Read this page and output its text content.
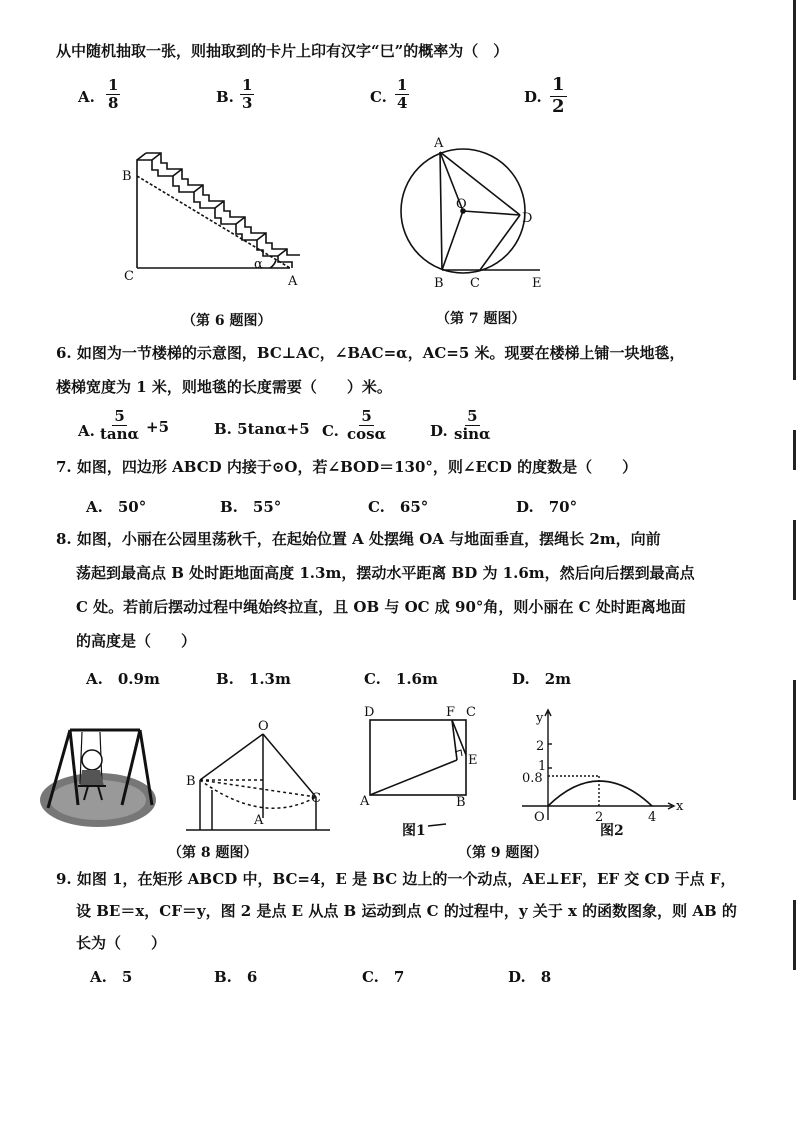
从中随机抽取一张，则抽取到的卡片上印有汉字“巳”的概率为（　）
A. $\frac{1}{8}$	B. $\frac{1}{3}$	C. $\frac{1}{4}$	D. $\frac{1}{2}$
B
C	A
α
A
O
D
B C	E
（第 6 题图）	（第 7 题图）
6. 如图为一节楼梯的示意图，BC⊥AC，∠BAC=α，AC=5 米。现要在楼梯上铺一块地毯，
楼梯宽度为 1 米，则地毯的长度需要（　　）米。
A. $\frac{5}{\tan\alpha} +5$	B. 5tanα+5 C. $\frac{5}{\cos\alpha}$	D. $\frac{5}{\sin\alpha}$
7. 如图，四边形 ABCD 内接于⊙O，若∠BOD＝130°，则∠ECD 的度数是（　　）
A.　50°	B.　55°	C.　65°	D.　70°
8. 如图，小丽在公园里荡秋千，在起始位置 A 处摆绳 OA 与地面垂直，摆绳长 2m，向前
荡起到最高点 B 处时距地面高度 1.3m，摆动水平距离 BD 为 1.6m，然后向后摆到最高点
C 处。若前后摆动过程中绳始终拉直，且 OB 与 OC 成 90°角，则小丽在 C 处时距离地面
的高度是（　　）
A.　0.9m	B.　1.3m	C.　1.6m	D.　2m
O
B
C
A
D	F C
A	B
E
y
x
O
2
1
0.8
2	4
图1	图2
（第 8 题图）	（第 9 题图）
9. 如图 1，在矩形 ABCD 中，BC=4，E 是 BC 边上的一个动点，AE⊥EF，EF 交 CD 于点 F，
设 BE＝x，CF＝y，图 2 是点 E 从点 B 运动到点 C 的过程中，y 关于 x 的函数图象，则 AB 的
长为（　　）
A.　5	B.　6	C.　7	D.　8
